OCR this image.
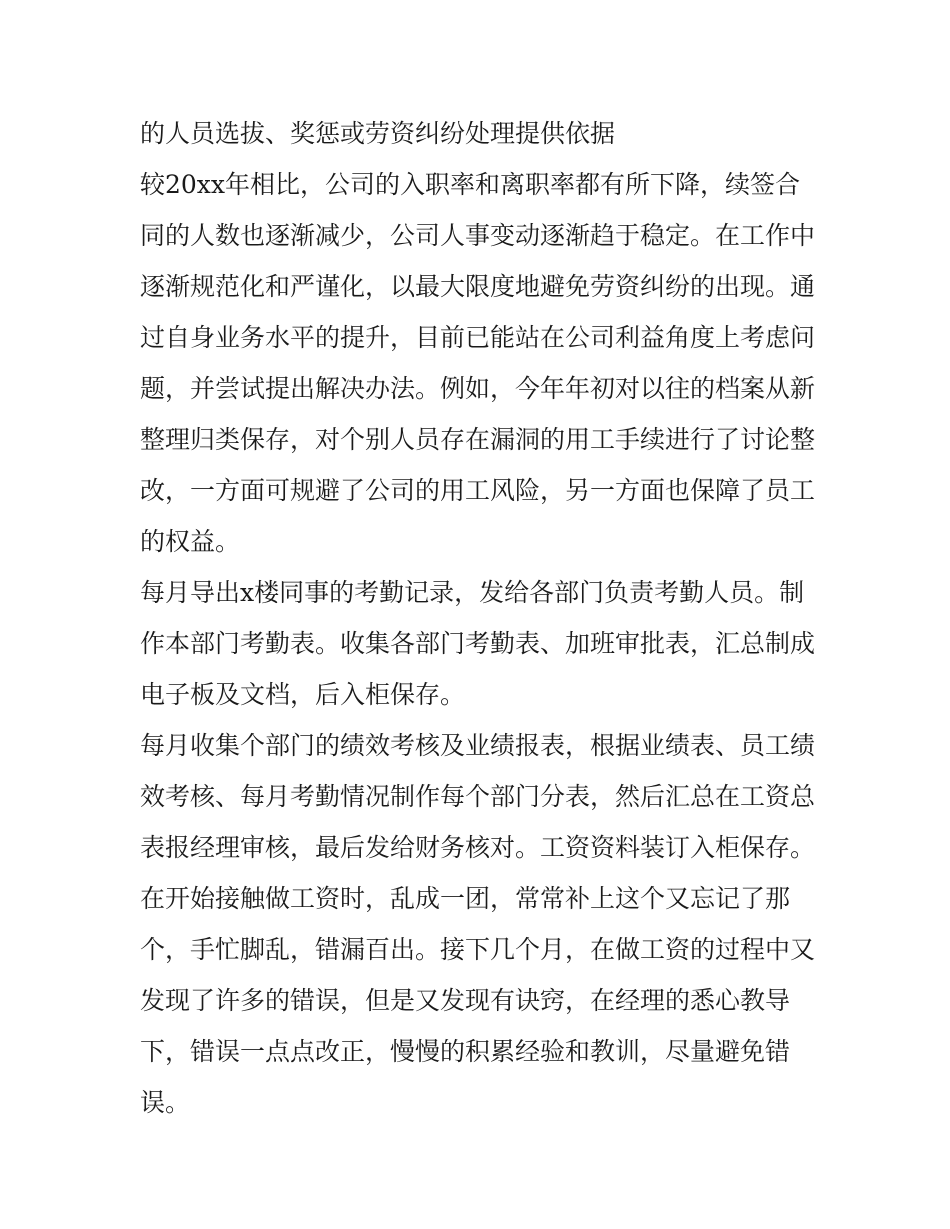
的人员选拔、奖惩或劳资纠纷处理提供依据

较20xx年相比，公司的入职率和离职率都有所下降，续签合同的人数也逐渐减少，公司人事变动逐渐趋于稳定。在工作中逐渐规范化和严谨化，以最大限度地避免劳资纠纷的出现。通过自身业务水平的提升，目前已能站在公司利益角度上考虑问题，并尝试提出解决办法。例如，今年年初对以往的档案从新整理归类保存，对个别人员存在漏洞的用工手续进行了讨论整改，一方面可规避了公司的用工风险，另一方面也保障了员工的权益。

每月导出x楼同事的考勤记录，发给各部门负责考勤人员。制作本部门考勤表。收集各部门考勤表、加班审批表，汇总制成电子板及文档，后入柜保存。

每月收集个部门的绩效考核及业绩报表，根据业绩表、员工绩效考核、每月考勤情况制作每个部门分表，然后汇总在工资总表报经理审核，最后发给财务核对。工资资料装订入柜保存。

在开始接触做工资时，乱成一团，常常补上这个又忘记了那个，手忙脚乱，错漏百出。接下几个月，在做工资的过程中又发现了许多的错误，但是又发现有诀窍，在经理的悉心教导下，错误一点点改正，慢慢的积累经验和教训，尽量避免错误。
